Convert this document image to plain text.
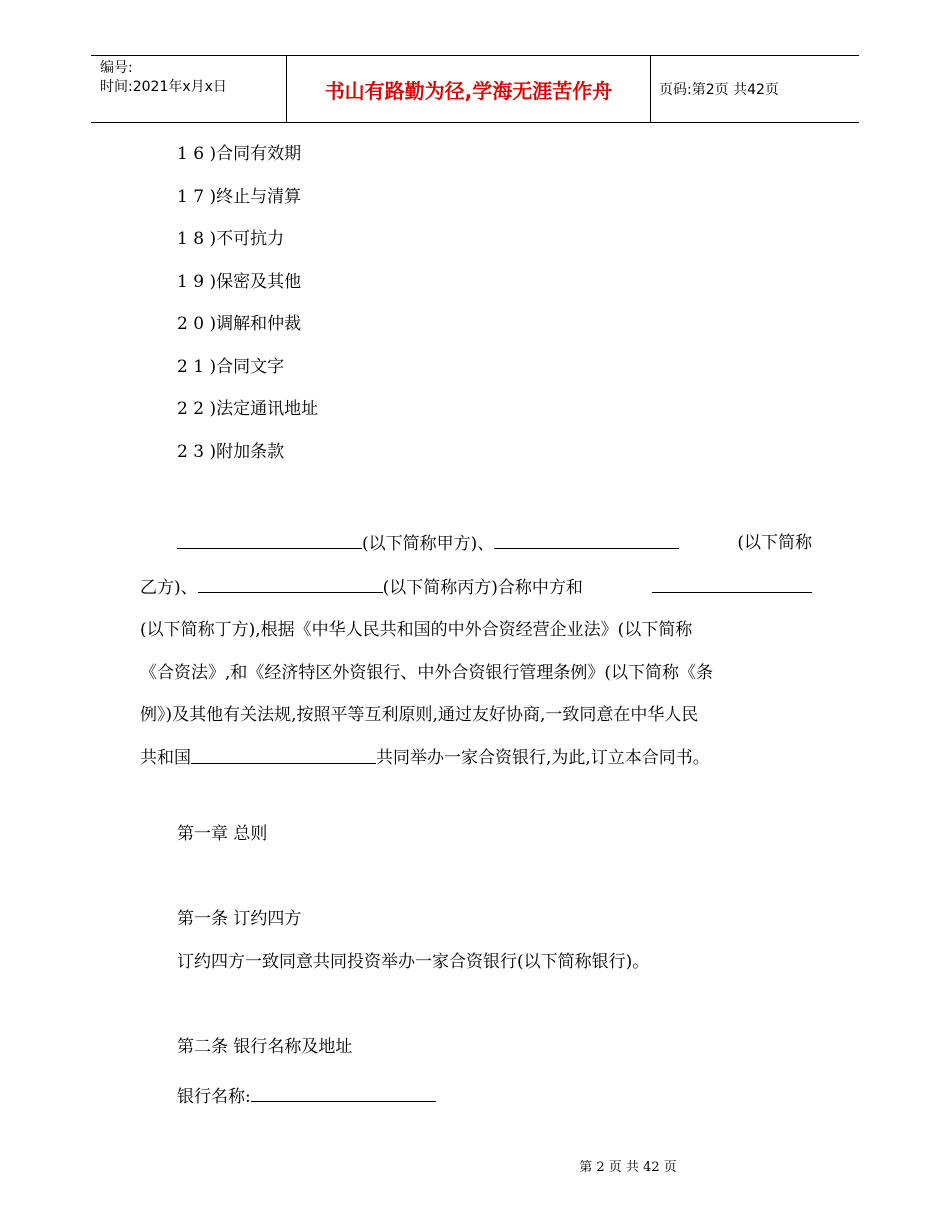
编号:
时间:2021年x月x日	书山有路勤为径,学海无涯苦作舟	页码:第2页 共42页
1 6 )合同有效期
1 7 )终止与清算
1 8 )不可抗力
1 9 )保密及其他
2 0 )调解和仲裁
2 1 )合同文字
2 2 )法定通讯地址
2 3 )附加条款
(以下简称甲方)、	(以下简称
乙方)、	(以下简称丙方)合称中方和
(以下简称丁方),根据《中华人民共和国的中外合资经营企业法》(以下简称
《合资法》,和《经济特区外资银行、中外合资银行管理条例》(以下简称《条
例》)及其他有关法规,按照平等互利原则,通过友好协商,一致同意在中华人民
共和国	共同举办一家合资银行,为此,订立本合同书。
第一章 总则
第一条 订约四方
订约四方一致同意共同投资举办一家合资银行(以下简称银行)。
第二条 银行名称及地址
银行名称:
第 2 页 共 42 页
